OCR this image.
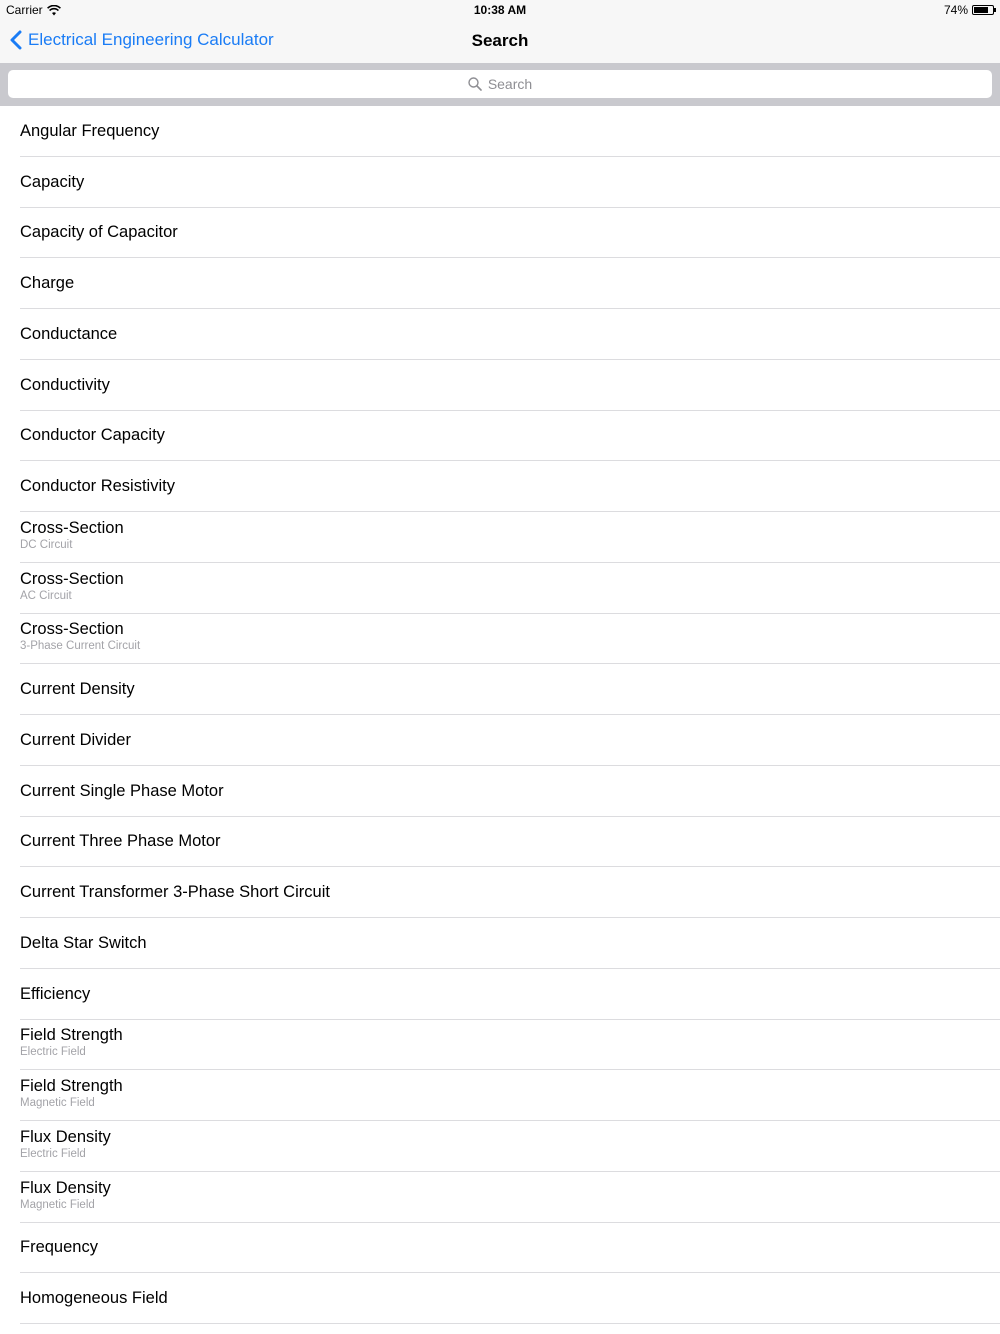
Carrier	10:38 AM	74%
Electrical Engineering Calculator	Search
Search
Angular Frequency
Capacity
Capacity of Capacitor
Charge
Conductance
Conductivity
Conductor Capacity
Conductor Resistivity
Cross-Section
DC Circuit
Cross-Section
AC Circuit
Cross-Section
3-Phase Current Circuit
Current Density
Current Divider
Current Single Phase Motor
Current Three Phase Motor
Current Transformer 3-Phase Short Circuit
Delta Star Switch
Efficiency
Field Strength
Electric Field
Field Strength
Magnetic Field
Flux Density
Electric Field
Flux Density
Magnetic Field
Frequency
Homogeneous Field
